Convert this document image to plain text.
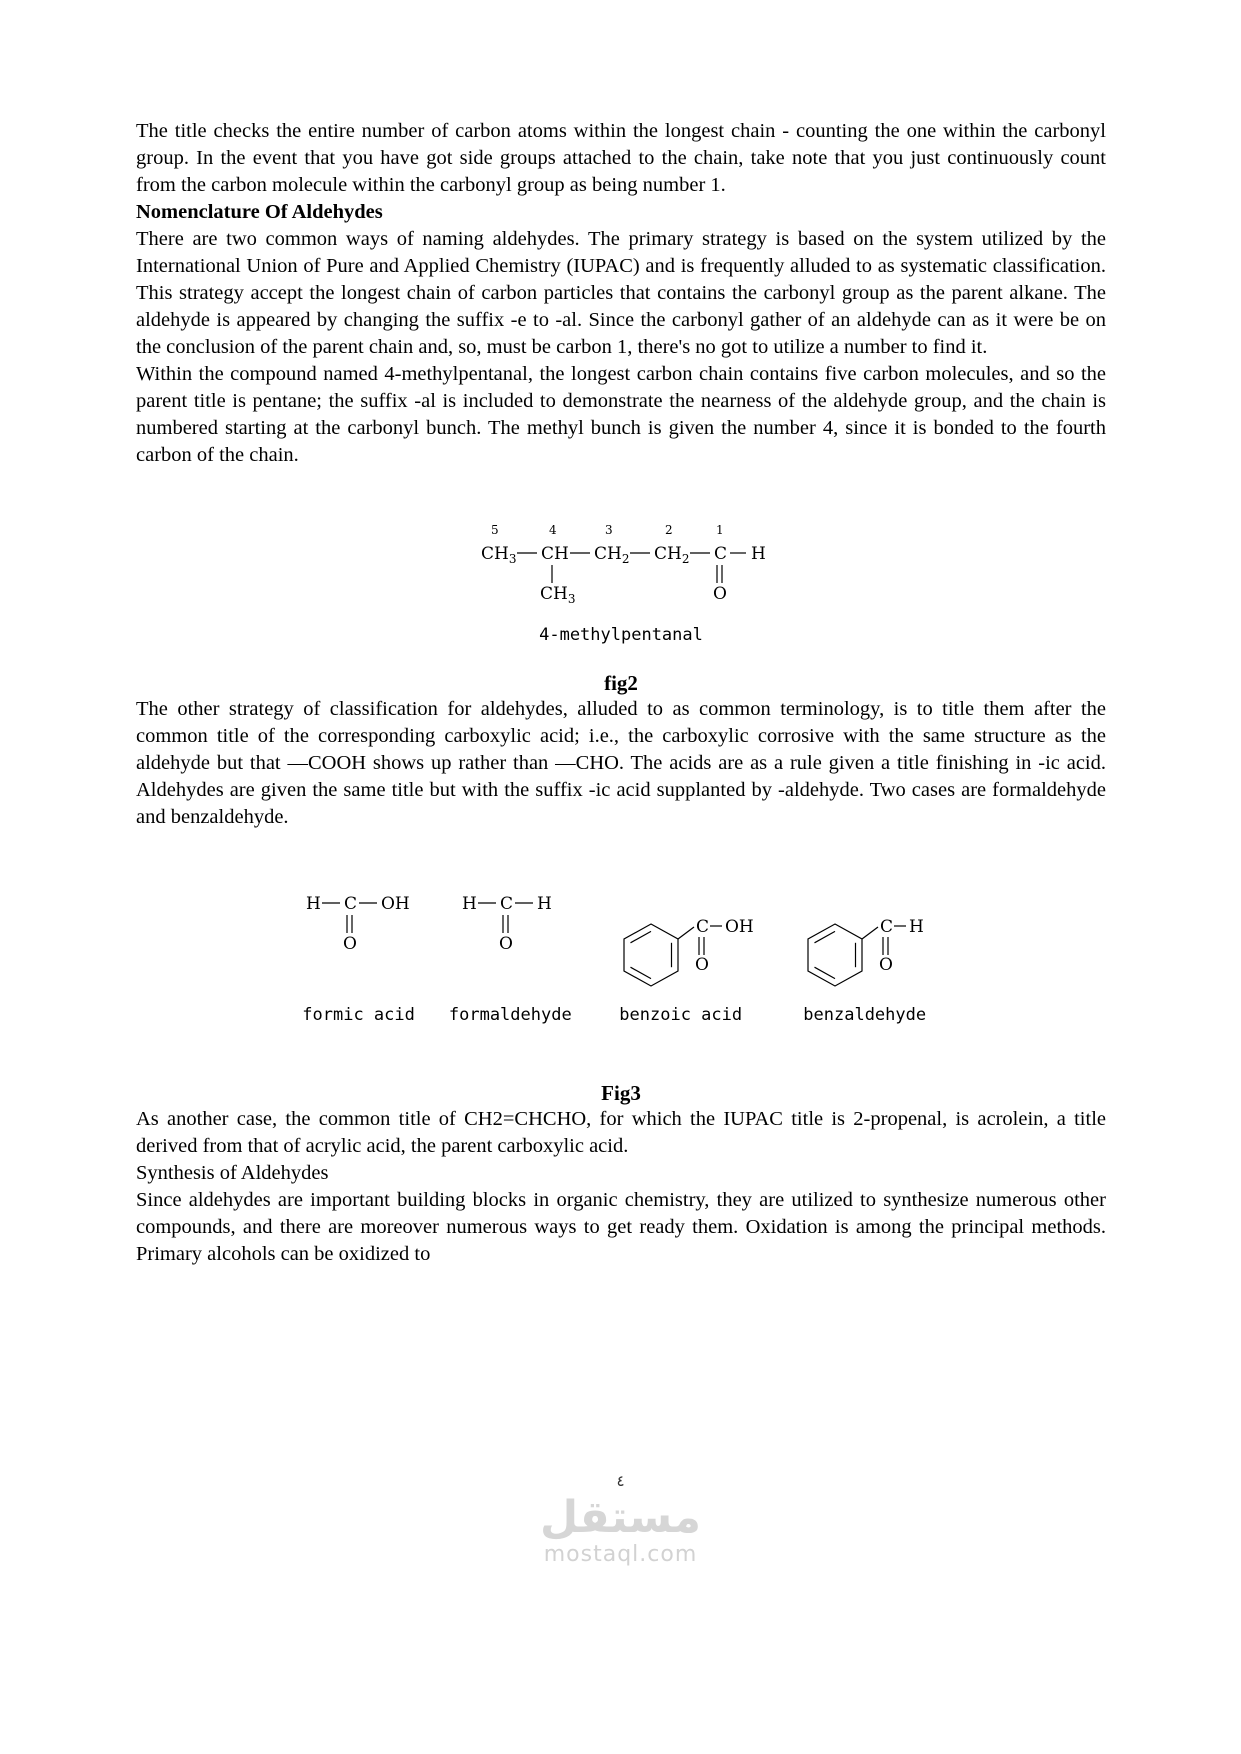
The title checks the entire number of carbon atoms within the longest chain - counting the one within the carbonyl group. In the event that you have got side groups attached to the chain, take note that you just continuously count from the carbon molecule within the carbonyl group as being number 1.

Nomenclature Of Aldehydes

There are two common ways of naming aldehydes. The primary strategy is based on the system utilized by the International Union of Pure and Applied Chemistry (IUPAC) and is frequently alluded to as systematic classification. This strategy accept the longest chain of carbon particles that contains the carbonyl group as the parent alkane. The aldehyde is appeared by changing the suffix -e to -al. Since the carbonyl gather of an aldehyde can as it were be on the conclusion of the parent chain and, so, must be carbon 1, there's no got to utilize a number to find it.

Within the compound named 4-methylpentanal, the longest carbon chain contains five carbon molecules, and so the parent title is pentane; the suffix -al is included to demonstrate the nearness of the aldehyde group, and the chain is numbered starting at the carbonyl bunch. The methyl bunch is given the number 4, since it is bonded to the fourth carbon of the chain.

5	4	3	2	1
$CH_3$ CH $CH_2$ $CH_2$ C H
$CH_3$	O
4-methylpentanal
fig2

The other strategy of classification for aldehydes, alluded to as common terminology, is to title them after the common title of the corresponding carboxylic acid; i.e., the carboxylic corrosive with the same structure as the aldehyde but that —COOH shows up rather than —CHO. The acids are as a rule given a title finishing in -ic acid. Aldehydes are given the same title but with the suffix -ic acid supplanted by -aldehyde. Two cases are formaldehyde and benzaldehyde.

H C OH
O
formic acid
H C H
O
formaldehyde
C OH
O
benzoic acid
C H
O
benzaldehyde
Fig3

As another case, the common title of CH2=CHCHO, for which the IUPAC title is 2-propenal, is acrolein, a title derived from that of acrylic acid, the parent carboxylic acid.

Synthesis of Aldehydes

Since aldehydes are important building blocks in organic chemistry, they are utilized to synthesize numerous other compounds, and there are moreover numerous ways to get ready them. Oxidation is among the principal methods. Primary alcohols can be oxidized to

٤
مستقل
mostaql.com
